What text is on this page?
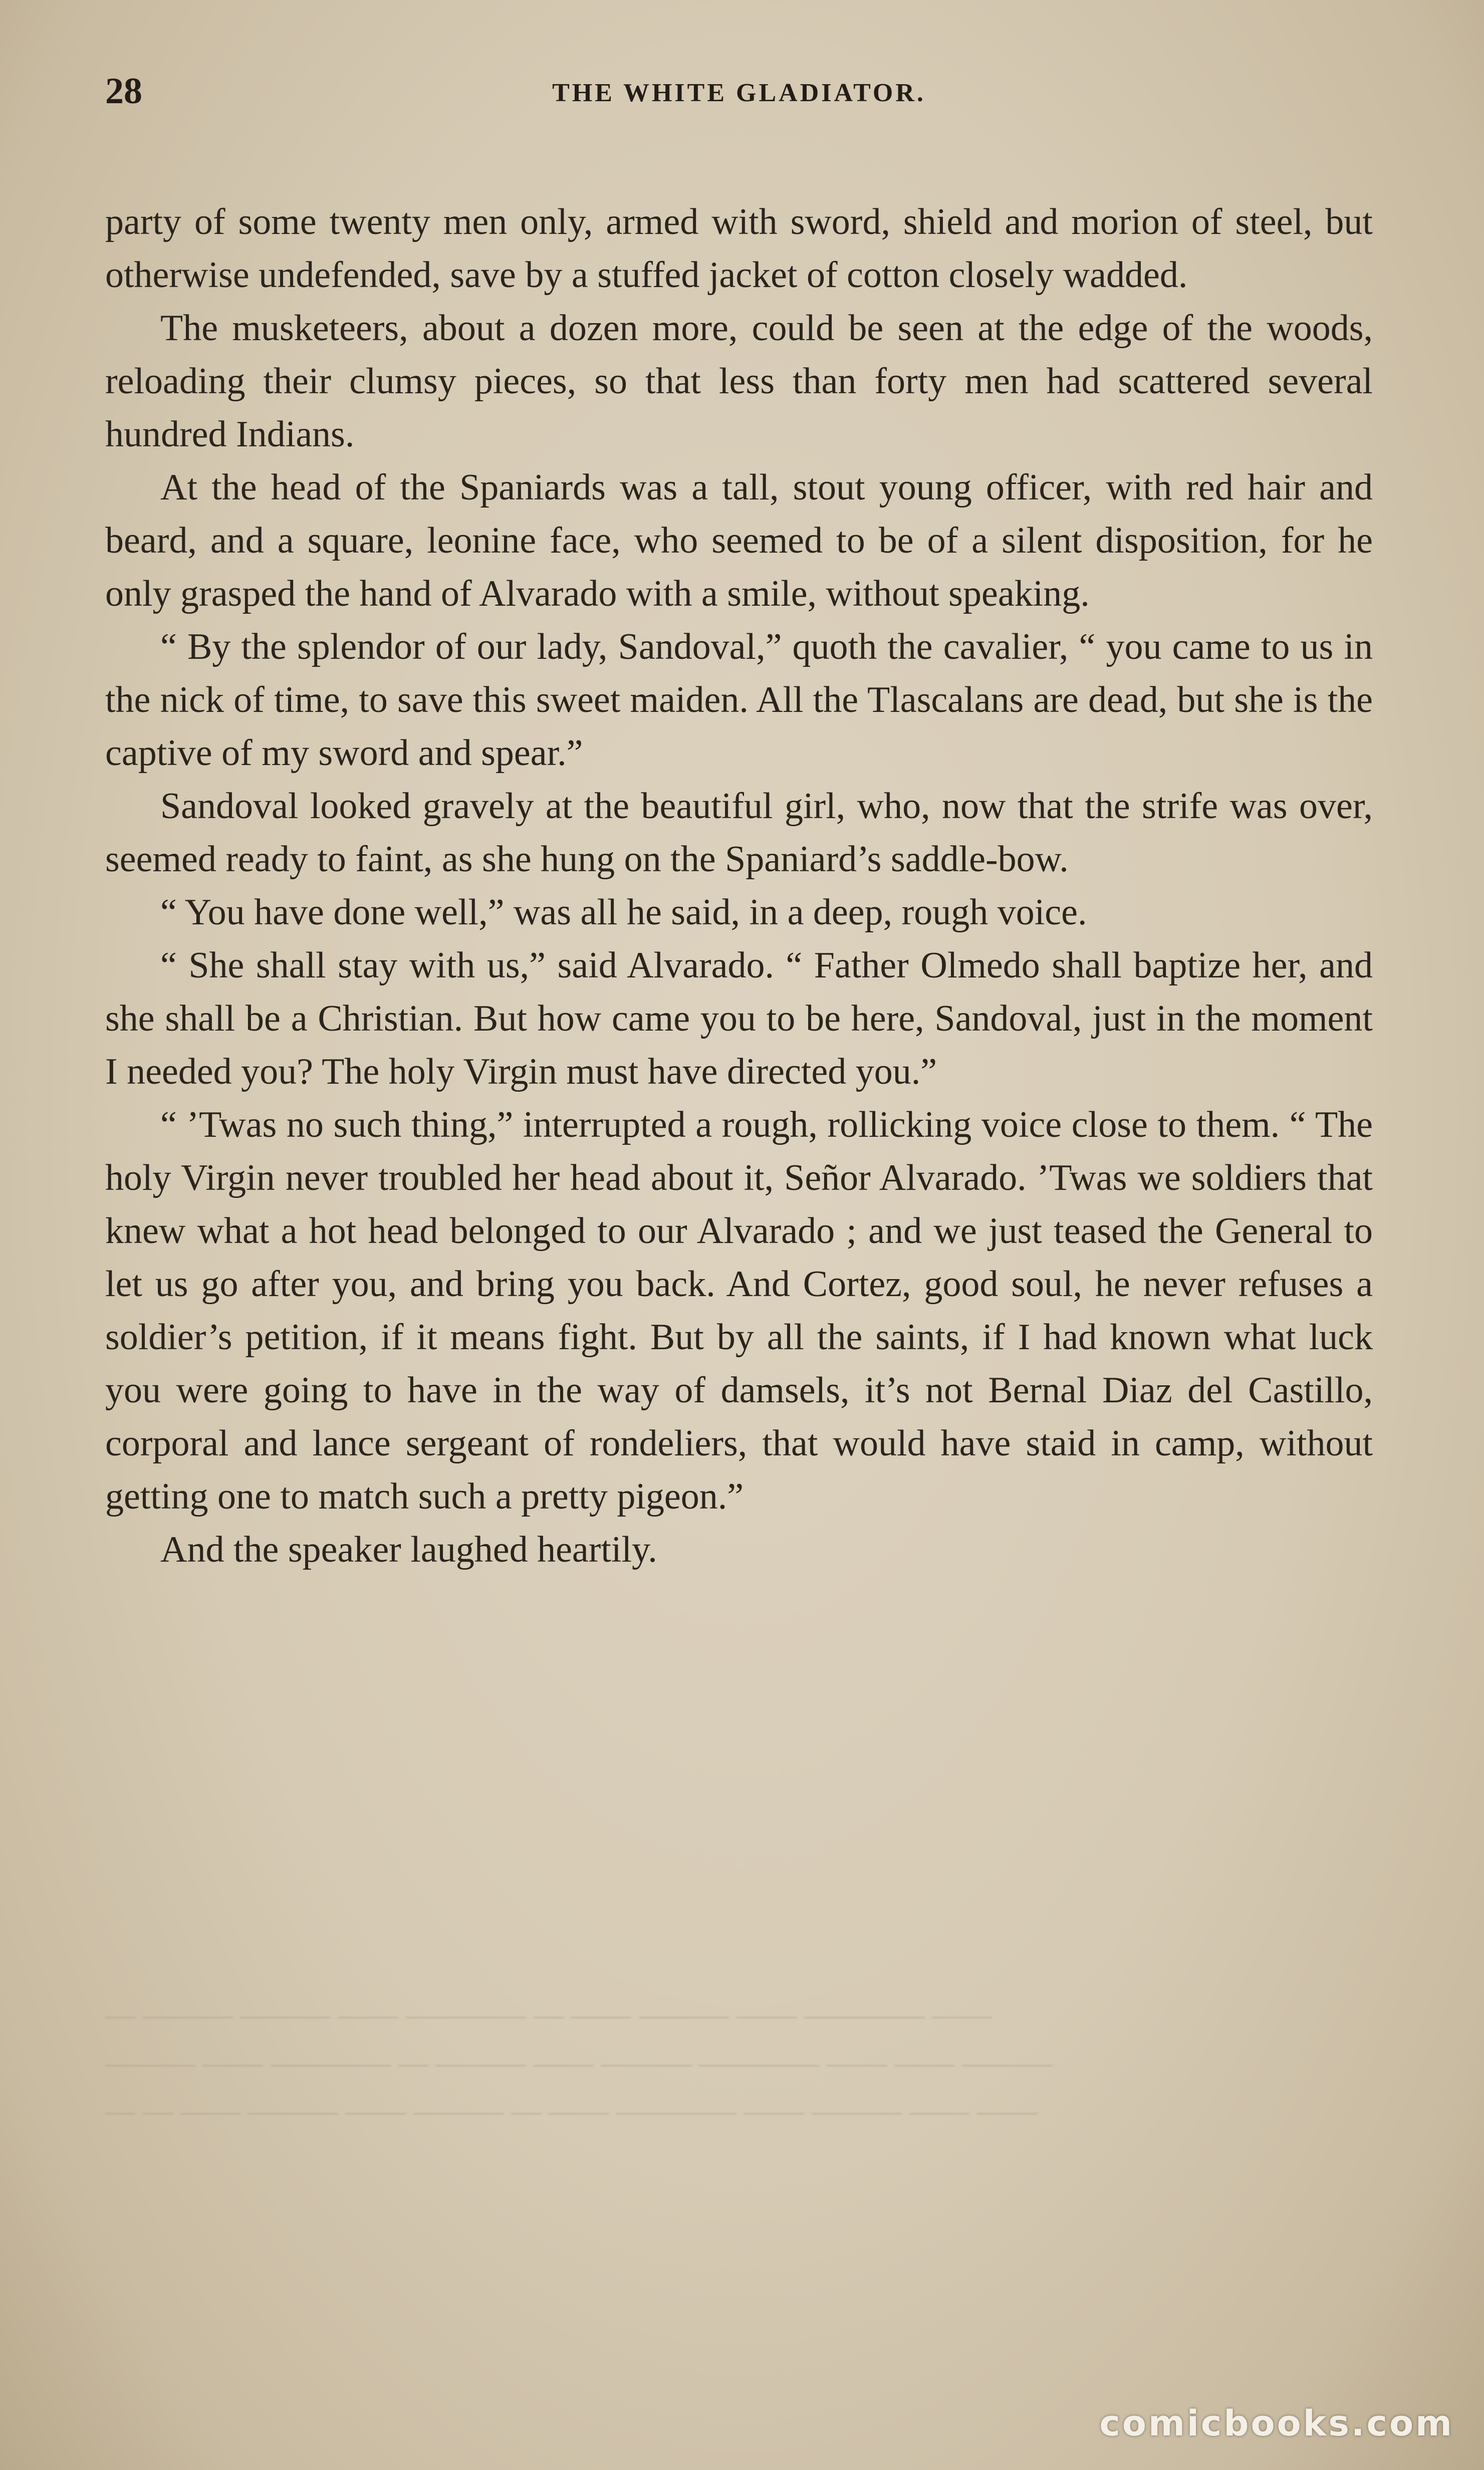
28	THE WHITE GLADIATOR.

party of some twenty men only, armed with sword, shield and morion of steel, but otherwise undefended, save by a stuffed jacket of cotton closely wadded.

The musketeers, about a dozen more, could be seen at the edge of the woods, reloading their clumsy pieces, so that less than forty men had scattered several hundred Indians.

At the head of the Spaniards was a tall, stout young officer, with red hair and beard, and a square, leonine face, who seemed to be of a silent disposition, for he only grasped the hand of Alvarado with a smile, without speaking.

“ By the splendor of our lady, Sandoval,” quoth the cavalier, “ you came to us in the nick of time, to save this sweet maiden. All the Tlascalans are dead, but she is the captive of my sword and spear.”

Sandoval looked gravely at the beautiful girl, who, now that the strife was over, seemed ready to faint, as she hung on the Spaniard’s saddle-bow.

“ You have done well,” was all he said, in a deep, rough voice.

“ She shall stay with us,” said Alvarado. “ Father Olmedo shall baptize her, and she shall be a Christian. But how came you to be here, Sandoval, just in the moment I needed you? The holy Virgin must have directed you.”

“ ’Twas no such thing,” interrupted a rough, rollicking voice close to them. “ The holy Virgin never troubled her head about it, Señor Alvarado. ’Twas we soldiers that knew what a hot head belonged to our Alvarado ; and we just teased the General to let us go after you, and bring you back. And Cortez, good soul, he never refuses a soldier’s petition, if it means fight. But by all the saints, if I had known what luck you were going to have in the way of damsels, it’s not Bernal Diaz del Castillo, corporal and lance sergeant of rondeliers, that would have staid in camp, without getting one to match such a pretty pigeon.”

And the speaker laughed heartily.

— — —— ——— —— ——— — —— ———— —— ——— —— ——
——— —— ———— — ——— —— ——— ———— —— —— ———
— ——— ——— —— ———— — —— ——— —— ———— ——
comicbooks.com
